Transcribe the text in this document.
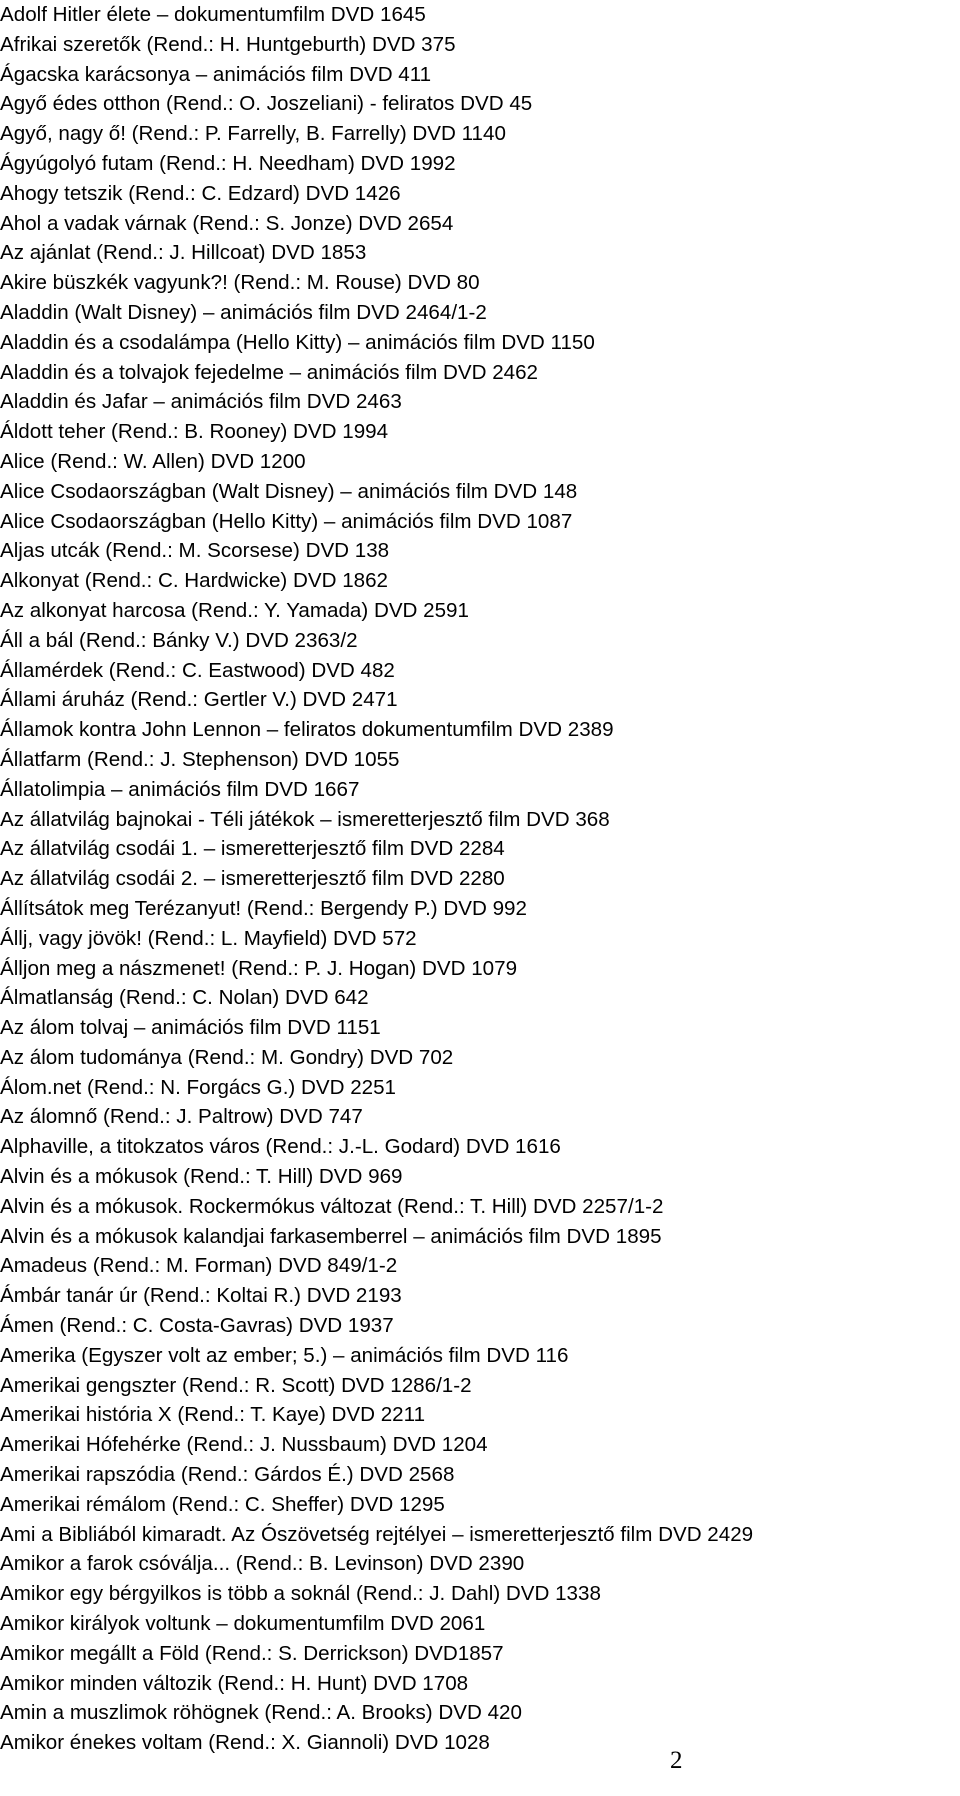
Adolf Hitler élete – dokumentumfilm DVD 1645
Afrikai szeretők (Rend.: H. Huntgeburth) DVD 375
Ágacska karácsonya – animációs film DVD 411
Agyő édes otthon (Rend.: O. Joszeliani) - feliratos DVD 45
Agyő, nagy ő! (Rend.: P. Farrelly, B. Farrelly) DVD 1140
Ágyúgolyó futam (Rend.: H. Needham) DVD 1992
Ahogy tetszik (Rend.: C. Edzard) DVD 1426
Ahol a vadak várnak (Rend.: S. Jonze) DVD 2654
Az ajánlat (Rend.: J. Hillcoat) DVD 1853
Akire büszkék vagyunk?! (Rend.: M. Rouse) DVD 80
Aladdin (Walt Disney) – animációs film DVD 2464/1-2
Aladdin és a csodalámpa (Hello Kitty) – animációs film DVD 1150
Aladdin és a tolvajok fejedelme – animációs film DVD 2462
Aladdin és Jafar – animációs film DVD 2463
Áldott teher (Rend.: B. Rooney) DVD 1994
Alice (Rend.: W. Allen) DVD 1200
Alice Csodaországban (Walt Disney) – animációs film DVD 148
Alice Csodaországban (Hello Kitty) – animációs film DVD 1087
Aljas utcák (Rend.: M. Scorsese) DVD 138
Alkonyat (Rend.: C. Hardwicke) DVD 1862
Az alkonyat harcosa (Rend.: Y. Yamada) DVD 2591
Áll a bál (Rend.: Bánky V.) DVD 2363/2
Államérdek (Rend.: C. Eastwood) DVD 482
Állami áruház (Rend.: Gertler V.) DVD 2471
Államok kontra John Lennon – feliratos dokumentumfilm DVD 2389
Állatfarm (Rend.: J. Stephenson) DVD 1055
Állatolimpia – animációs film DVD 1667
Az állatvilág bajnokai - Téli játékok – ismeretterjesztő film DVD 368
Az állatvilág csodái 1. – ismeretterjesztő film DVD 2284
Az állatvilág csodái 2. – ismeretterjesztő film DVD 2280
Állítsátok meg Terézanyut! (Rend.: Bergendy P.) DVD 992
Állj, vagy jövök! (Rend.: L. Mayfield) DVD 572
Álljon meg a nászmenet! (Rend.: P. J. Hogan) DVD 1079
Álmatlanság (Rend.: C. Nolan) DVD 642
Az álom tolvaj – animációs film DVD 1151
Az álom tudománya (Rend.: M. Gondry) DVD 702
Álom.net (Rend.: N. Forgács G.) DVD 2251
Az álomnő (Rend.: J. Paltrow) DVD 747
Alphaville, a titokzatos város (Rend.: J.-L. Godard) DVD 1616
Alvin és a mókusok (Rend.: T. Hill) DVD 969
Alvin és a mókusok. Rockermókus változat (Rend.: T. Hill) DVD 2257/1-2
Alvin és a mókusok kalandjai farkasemberrel – animációs film DVD 1895
Amadeus (Rend.: M. Forman) DVD 849/1-2
Ámbár tanár úr (Rend.: Koltai R.) DVD 2193
Ámen (Rend.: C. Costa-Gavras) DVD 1937
Amerika (Egyszer volt az ember; 5.) – animációs film DVD 116
Amerikai gengszter (Rend.: R. Scott) DVD 1286/1-2
Amerikai história X (Rend.: T. Kaye) DVD 2211
Amerikai Hófehérke (Rend.: J. Nussbaum) DVD 1204
Amerikai rapszódia (Rend.: Gárdos É.) DVD 2568
Amerikai rémálom (Rend.: C. Sheffer) DVD 1295
Ami a Bibliából kimaradt. Az Ószövetség rejtélyei – ismeretterjesztő film DVD 2429
Amikor a farok csóválja... (Rend.: B. Levinson) DVD 2390
Amikor egy bérgyilkos is több a soknál (Rend.: J. Dahl) DVD 1338
Amikor királyok voltunk – dokumentumfilm DVD 2061
Amikor megállt a Föld (Rend.: S. Derrickson) DVD1857
Amikor minden változik (Rend.: H. Hunt) DVD 1708
Amin a muszlimok röhögnek (Rend.: A. Brooks) DVD 420
Amikor énekes voltam (Rend.: X. Giannoli) DVD 1028
2
